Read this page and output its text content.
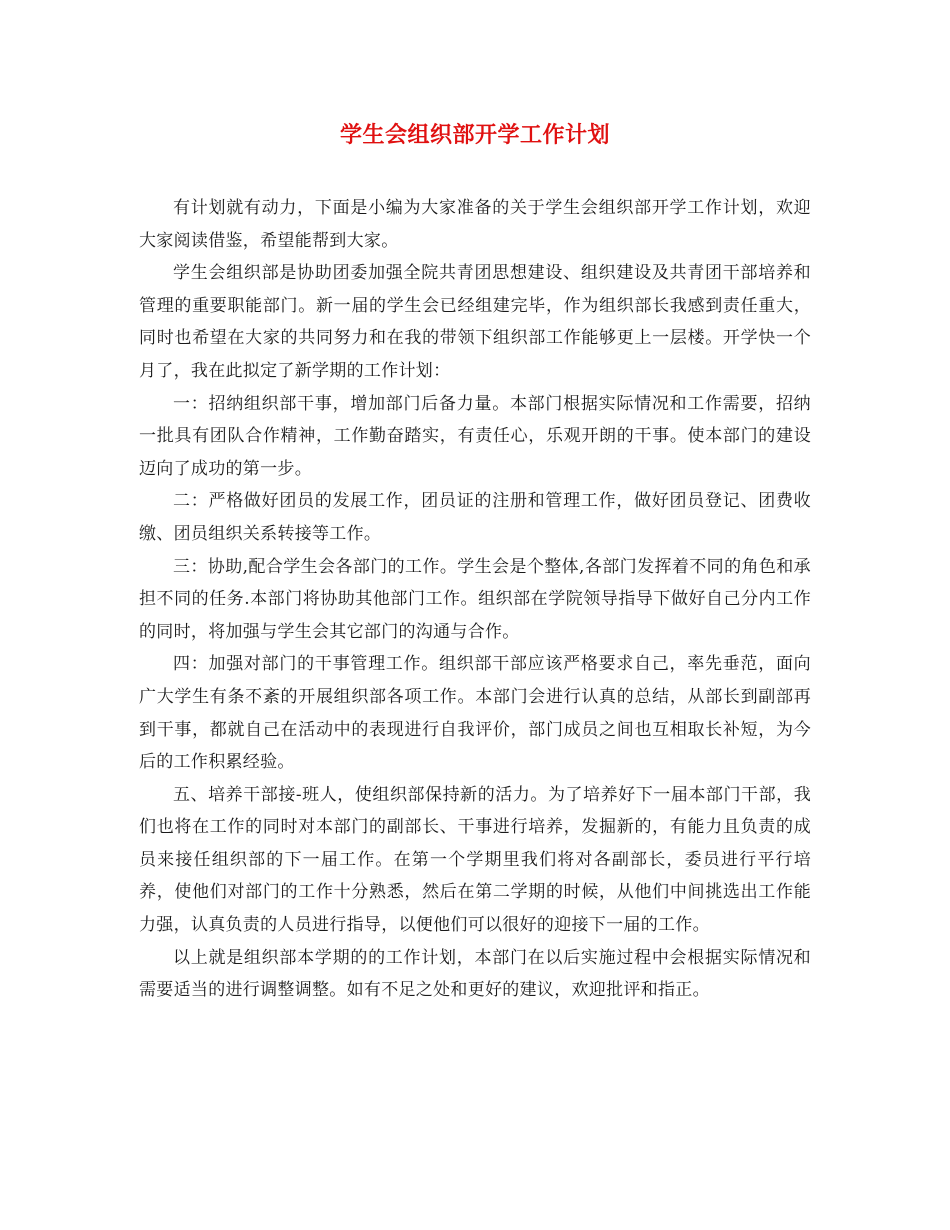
学生会组织部开学工作计划

有计划就有动力，下面是小编为大家准备的关于学生会组织部开学工作计划，欢迎大家阅读借鉴，希望能帮到大家。

学生会组织部是协助团委加强全院共青团思想建设、组织建设及共青团干部培养和管理的重要职能部门。新一届的学生会已经组建完毕，作为组织部长我感到责任重大，同时也希望在大家的共同努力和在我的带领下组织部工作能够更上一层楼。开学快一个月了，我在此拟定了新学期的工作计划：

一：招纳组织部干事，增加部门后备力量。本部门根据实际情况和工作需要，招纳一批具有团队合作精神，工作勤奋踏实，有责任心，乐观开朗的干事。使本部门的建设迈向了成功的第一步。

二：严格做好团员的发展工作，团员证的注册和管理工作，做好团员登记、团费收缴、团员组织关系转接等工作。

三：协助,配合学生会各部门的工作。学生会是个整体,各部门发挥着不同的角色和承担不同的任务.本部门将协助其他部门工作。组织部在学院领导指导下做好自己分内工作的同时，将加强与学生会其它部门的沟通与合作。

四：加强对部门的干事管理工作。组织部干部应该严格要求自己，率先垂范，面向广大学生有条不紊的开展组织部各项工作。本部门会进行认真的总结，从部长到副部再到干事，都就自己在活动中的表现进行自我评价，部门成员之间也互相取长补短，为今后的工作积累经验。

五、培养干部接-班人，使组织部保持新的活力。为了培养好下一届本部门干部，我们也将在工作的同时对本部门的副部长、干事进行培养，发掘新的，有能力且负责的成员来接任组织部的下一届工作。在第一个学期里我们将对各副部长，委员进行平行培养，使他们对部门的工作十分熟悉，然后在第二学期的时候，从他们中间挑选出工作能力强，认真负责的人员进行指导，以便他们可以很好的迎接下一届的工作。

以上就是组织部本学期的的工作计划，本部门在以后实施过程中会根据实际情况和需要适当的进行调整调整。如有不足之处和更好的建议，欢迎批评和指正。
